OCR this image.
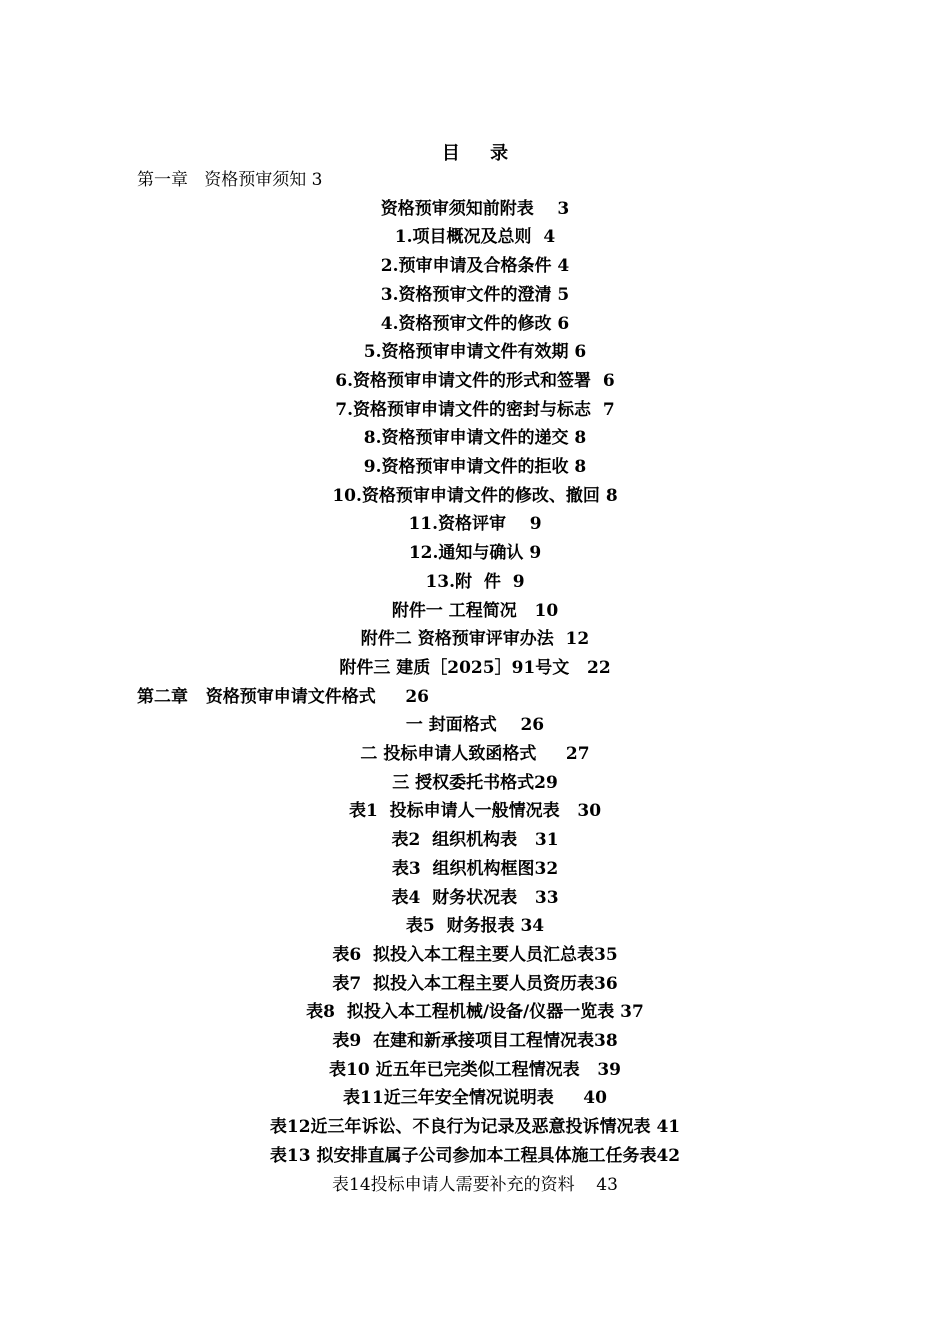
目 录
第一章   资格预审须知 3
资格预审须知前附表    3
1.项目概况及总则  4
2.预审申请及合格条件 4
3.资格预审文件的澄清 5
4.资格预审文件的修改 6
5.资格预审申请文件有效期 6
6.资格预审申请文件的形式和签署  6
7.资格预审申请文件的密封与标志  7
8.资格预审申请文件的递交 8
9.资格预审申请文件的拒收 8
10.资格预审申请文件的修改、撤回 8
11.资格评审    9
12.通知与确认 9
13.附  件  9
附件一 工程简况   10
附件二 资格预审评审办法  12
附件三 建质［2025］91号文   22
第二章   资格预审申请文件格式     26
一 封面格式    26
二 投标申请人致函格式     27
三 授权委托书格式29
表1  投标申请人一般情况表   30
表2  组织机构表   31
表3  组织机构框图32
表4  财务状况表   33
表5  财务报表 34
表6  拟投入本工程主要人员汇总表35
表7  拟投入本工程主要人员资历表36
表8  拟投入本工程机械/设备/仪器一览表 37
表9  在建和新承接项目工程情况表38
表10 近五年已完类似工程情况表   39
表11近三年安全情况说明表     40
表12近三年诉讼、不良行为记录及恶意投诉情况表 41
表13 拟安排直属子公司参加本工程具体施工任务表42
表14投标申请人需要补充的资料    43
